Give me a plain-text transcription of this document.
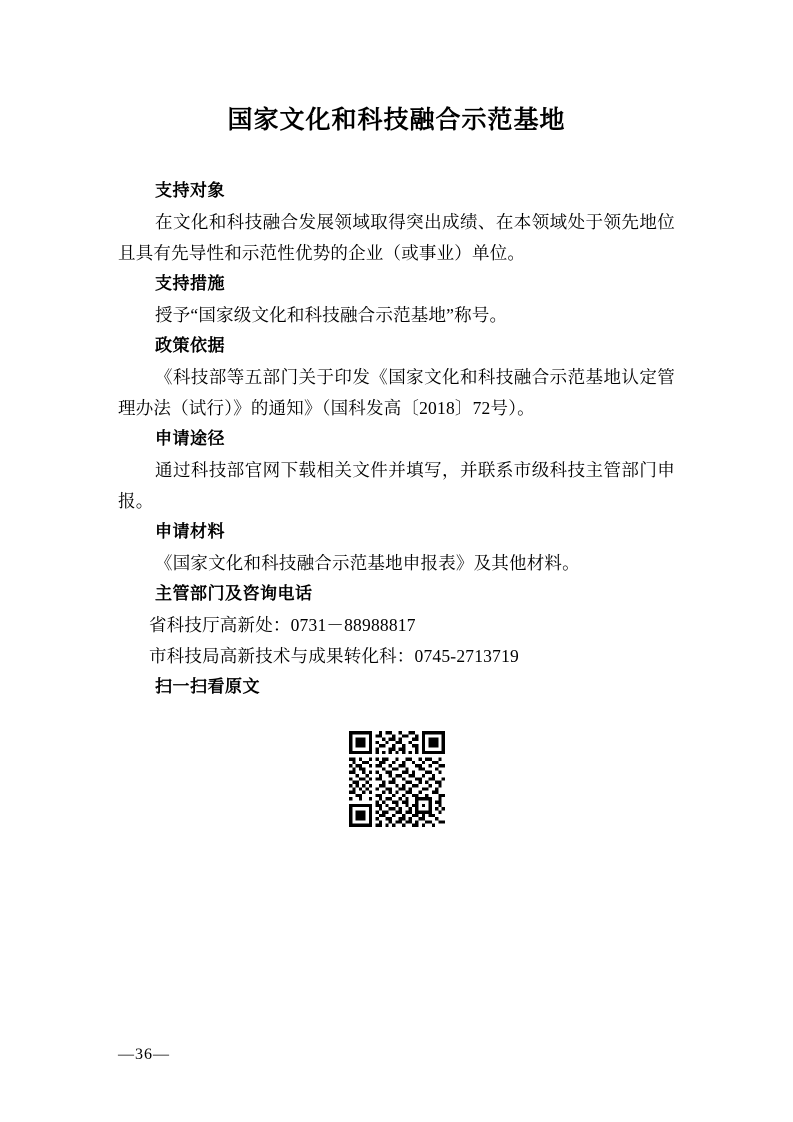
国家文化和科技融合示范基地

支持对象

在文化和科技融合发展领域取得突出成绩、在本领域处于领先地位且具有先导性和示范性优势的企业（或事业）单位。

支持措施

授予“国家级文化和科技融合示范基地”称号。

政策依据

《科技部等五部门关于印发《国家文化和科技融合示范基地认定管理办法（试行）》的通知》（国科发高〔2018〕72号）。

申请途径

通过科技部官网下载相关文件并填写，并联系市级科技主管部门申报。

申请材料

《国家文化和科技融合示范基地申报表》及其他材料。

主管部门及咨询电话

省科技厅高新处：0731－88988817

市科技局高新技术与成果转化科：0745-2713719

扫一扫看原文

—36—
